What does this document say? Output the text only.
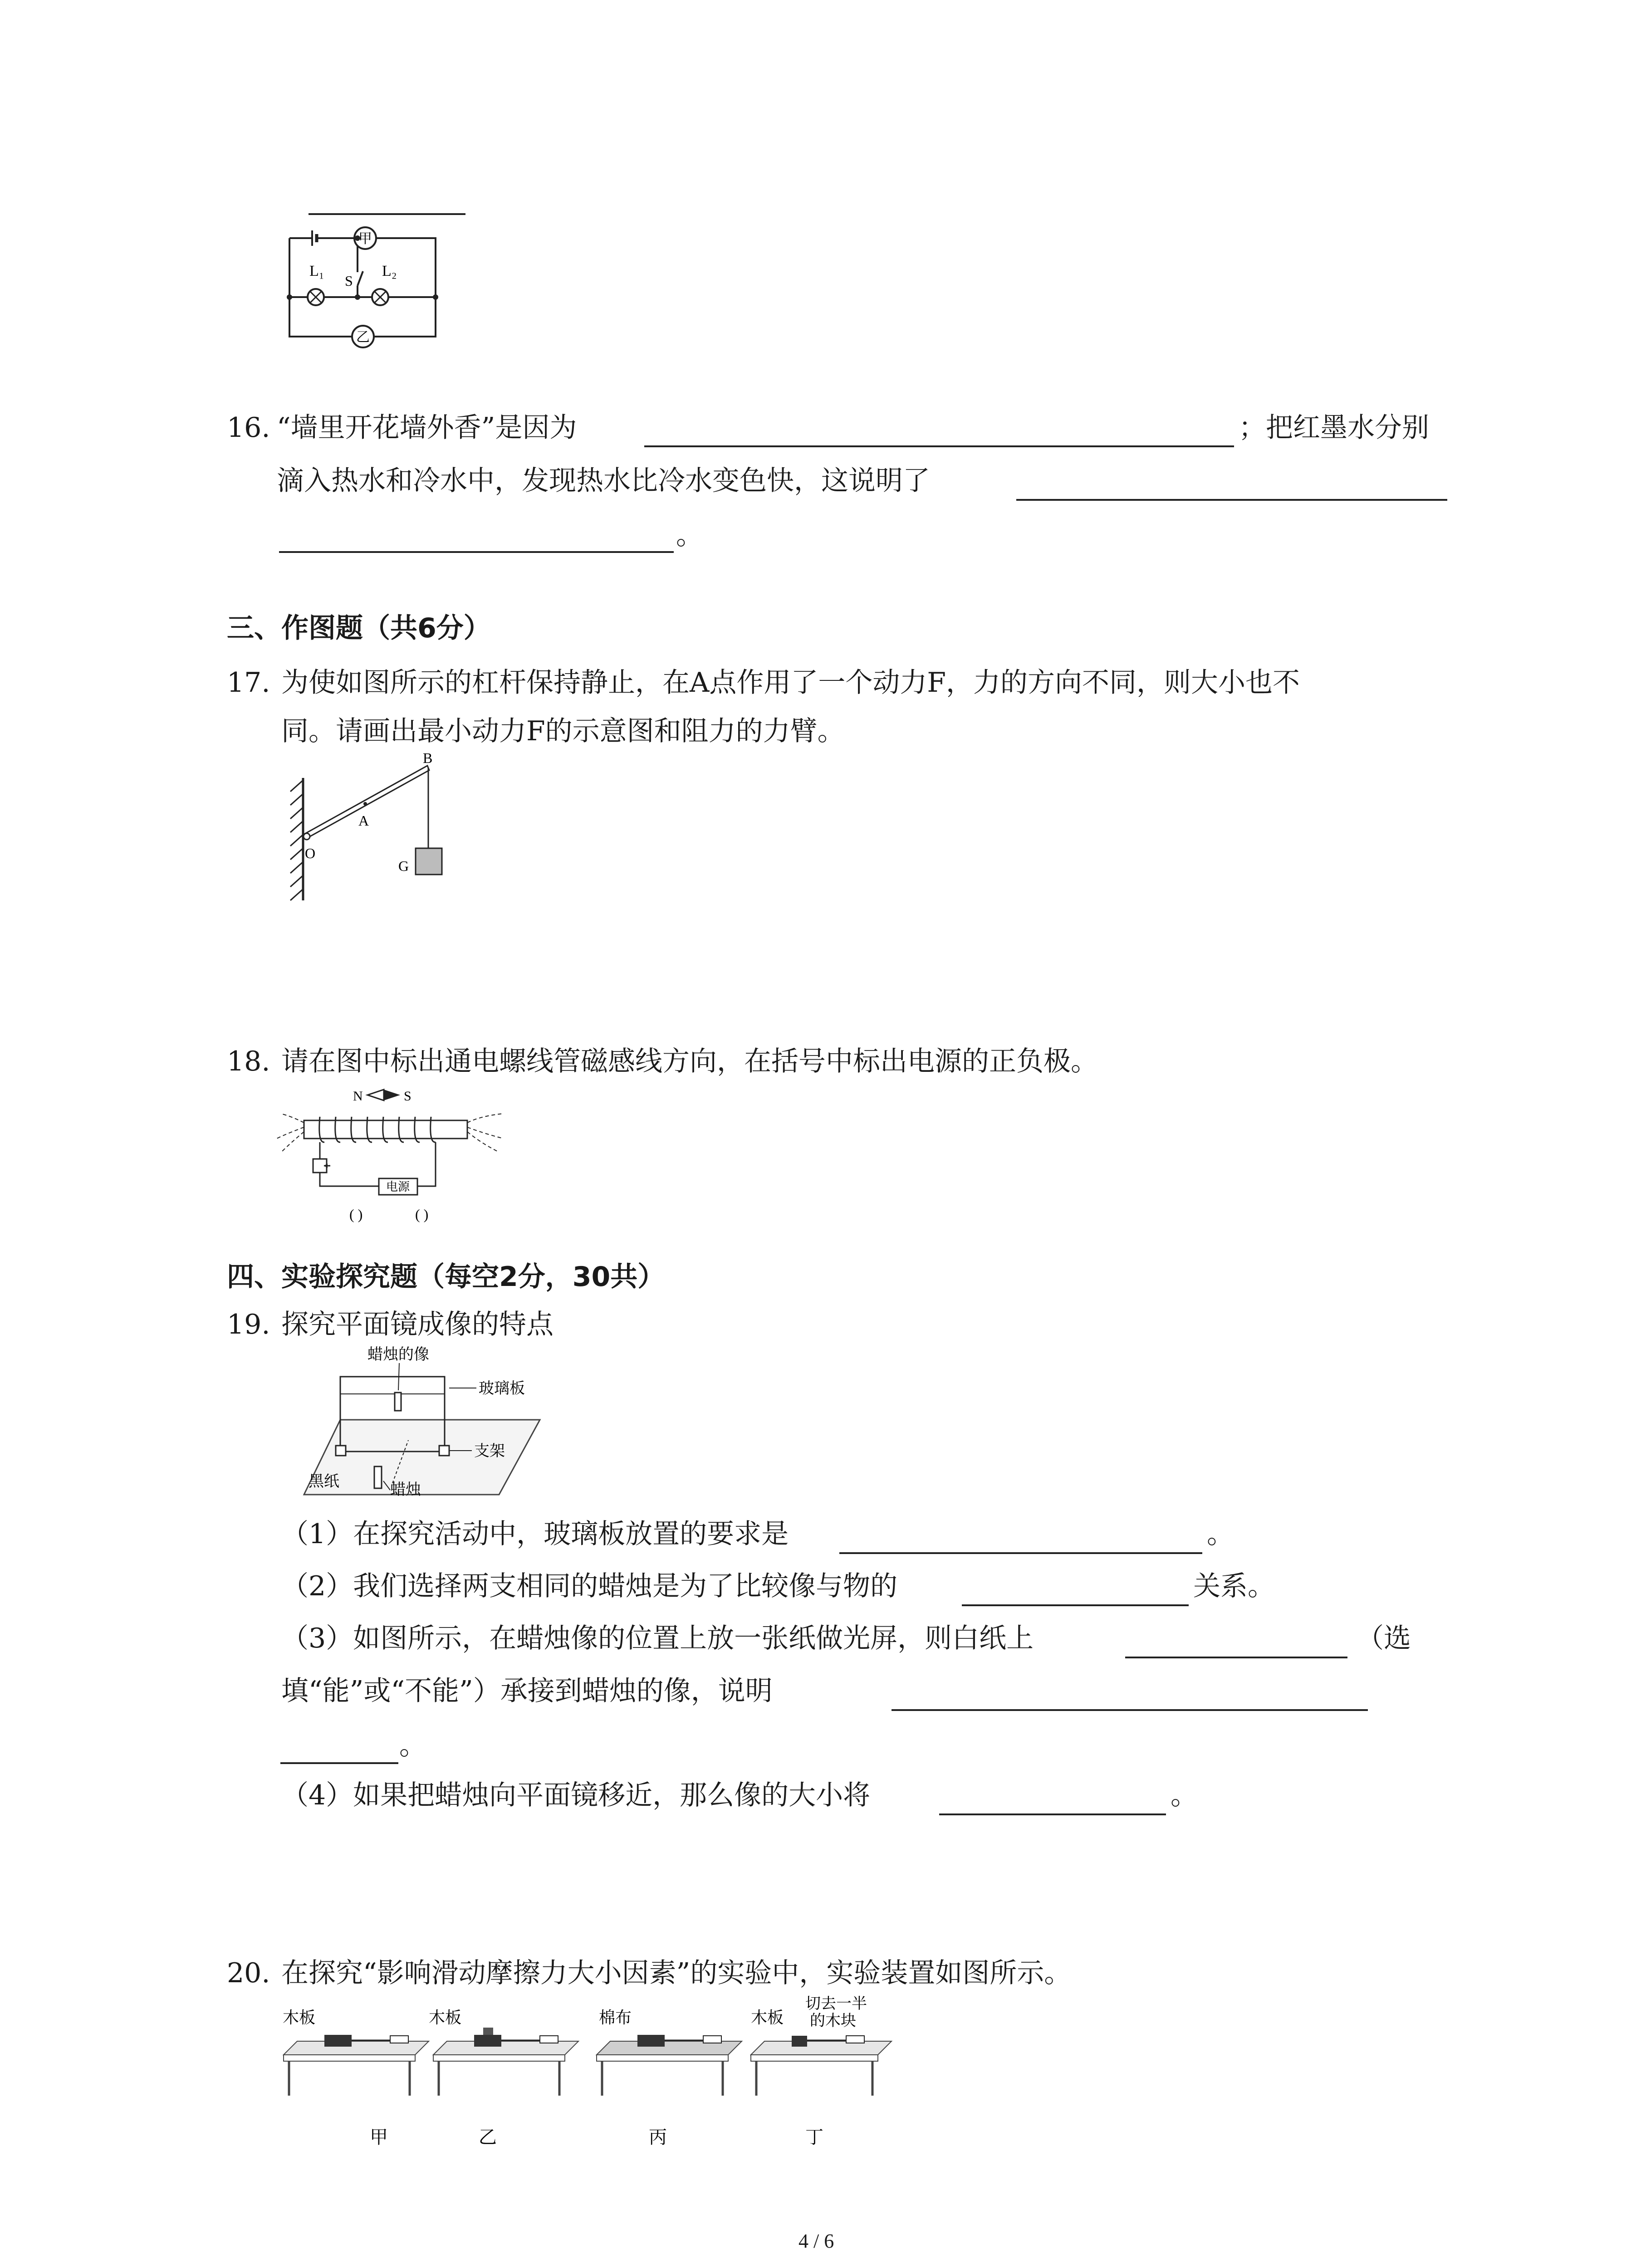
甲
乙
L₁	L₂
S
16. “墙里开花墙外香”是因为	；把红墨水分别
滴入热水和冷水中，发现热水比冷水变色快，这说明了
。
三、作图题（共6分）
17. 为使如图所示的杠杆保持静止，在A点作用了一个动力F，力的方向不同，则大小也不
同。请画出最小动力F的示意图和阻力的力臂。
B
A
O
G
18. 请在图中标出通电螺线管磁感线方向，在括号中标出电源的正负极。
N	S
电源
( )	( )
四、实验探究题（每空2分，30共）
19. 探究平面镜成像的特点
蜡烛的像
玻璃板
支架
黑纸	蜡烛
（1）在探究活动中，玻璃板放置的要求是	。
（2）我们选择两支相同的蜡烛是为了比较像与物的	关系。
（3）如图所示，在蜡烛像的位置上放一张纸做光屏，则白纸上	（选
填“能”或“不能”）承接到蜡烛的像，说明
。
（4）如果把蜡烛向平面镜移近，那么像的大小将	。
20. 在探究“影响滑动摩擦力大小因素”的实验中，实验装置如图所示。
木板
甲
木板
乙
棉布
丙
木板
切去一半
的木块
丁
4 / 6
